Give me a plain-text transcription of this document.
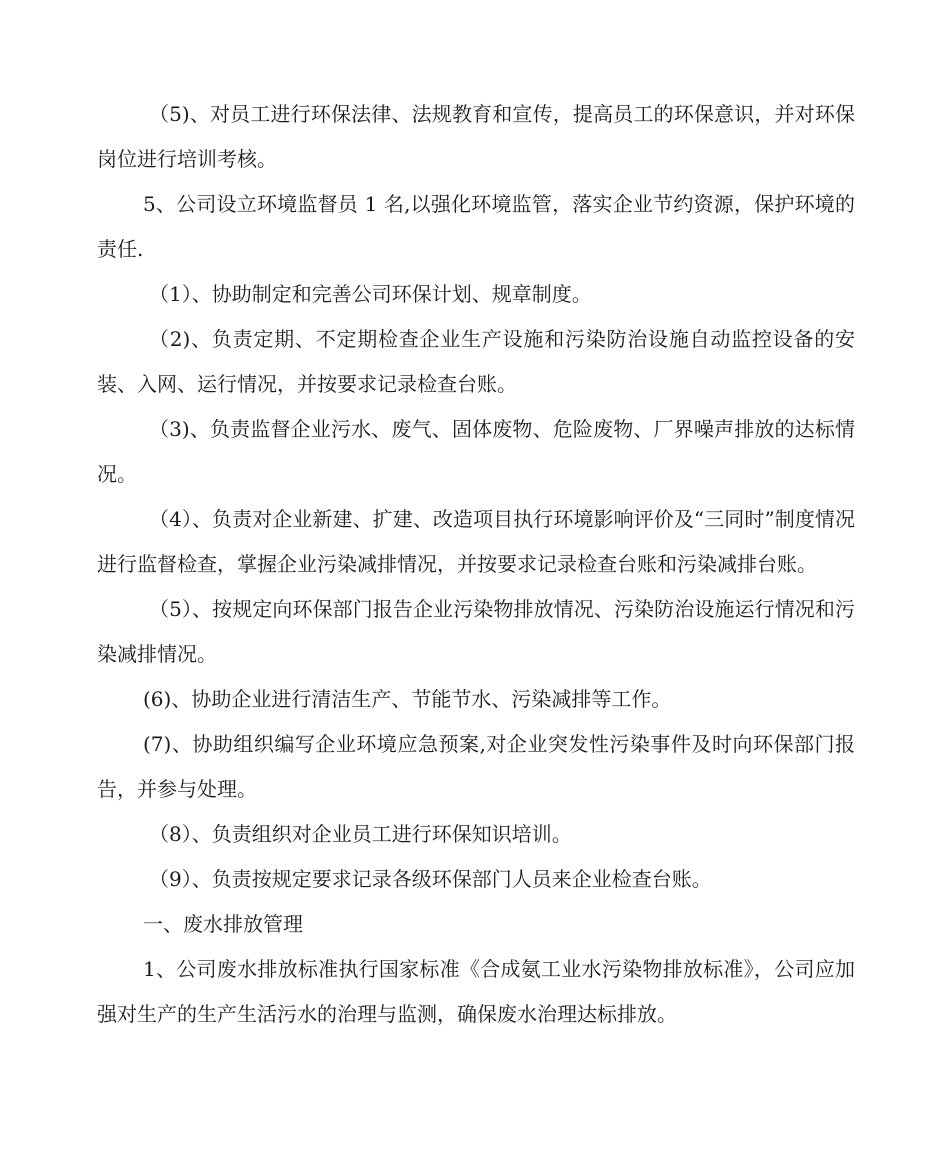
（5)、对员工进行环保法律、法规教育和宣传，提高员工的环保意识，并对环保岗位进行培训考核。

5、公司设立环境监督员 1 名,以强化环境监管，落实企业节约资源，保护环境的责任.

（1）、协助制定和完善公司环保计划、规章制度。

（2)、负责定期、不定期检查企业生产设施和污染防治设施自动监控设备的安装、入网、运行情况，并按要求记录检查台账。

（3)、负责监督企业污水、废气、固体废物、危险废物、厂界噪声排放的达标情况。

（4）、负责对企业新建、扩建、改造项目执行环境影响评价及“三同时”制度情况进行监督检查，掌握企业污染减排情况，并按要求记录检查台账和污染减排台账。

（5）、按规定向环保部门报告企业污染物排放情况、污染防治设施运行情况和污染减排情况。

(6)、协助企业进行清洁生产、节能节水、污染减排等工作。

(7)、协助组织编写企业环境应急预案,对企业突发性污染事件及时向环保部门报告，并参与处理。

（8）、负责组织对企业员工进行环保知识培训。

（9）、负责按规定要求记录各级环保部门人员来企业检查台账。

一、废水排放管理

1、公司废水排放标准执行国家标准《合成氨工业水污染物排放标准》，公司应加强对生产的生产生活污水的治理与监测，确保废水治理达标排放。
